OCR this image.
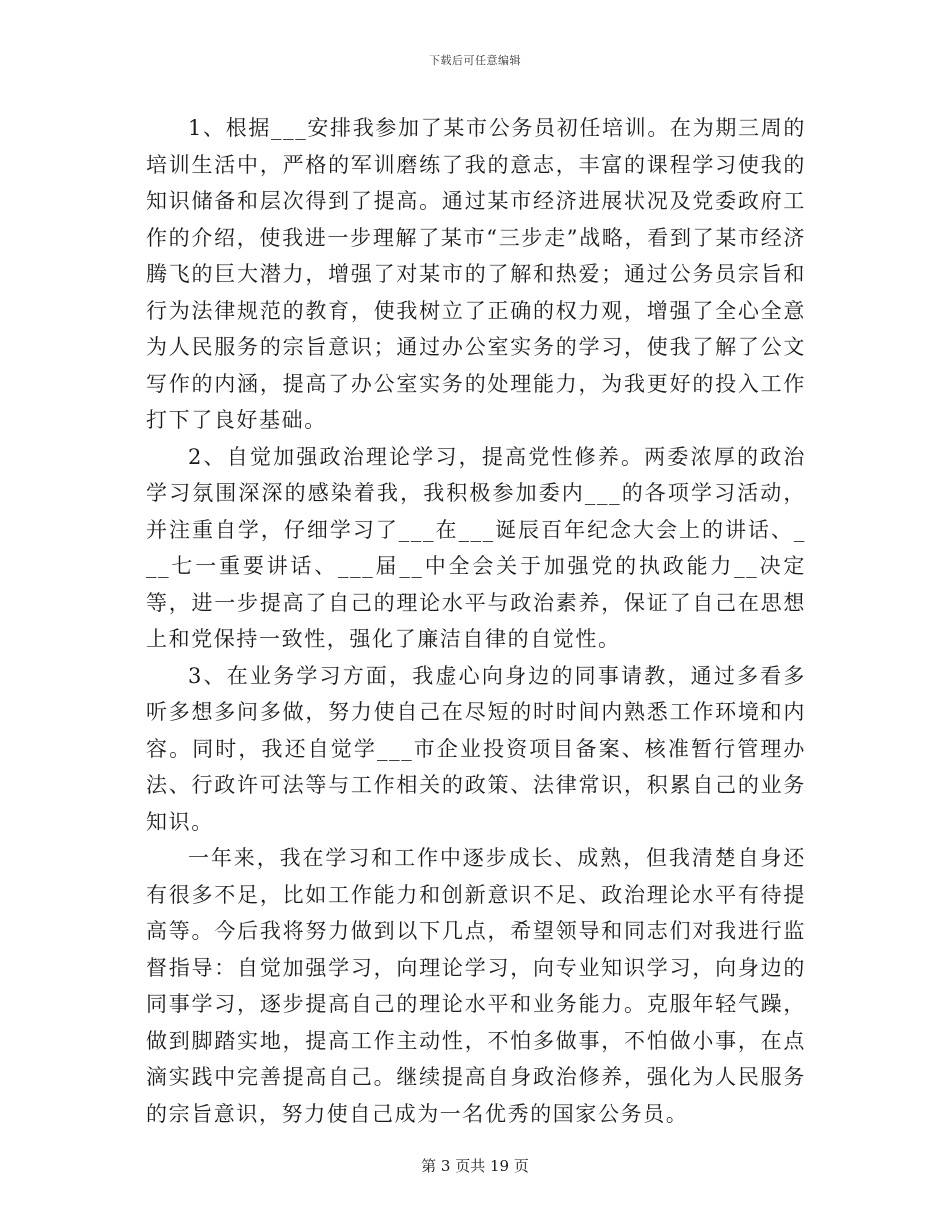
下载后可任意编辑

1、根据___安排我参加了某市公务员初任培训。在为期三周的培训生活中，严格的军训磨练了我的意志，丰富的课程学习使我的知识储备和层次得到了提高。通过某市经济进展状况及党委政府工作的介绍，使我进一步理解了某市“三步走”战略，看到了某市经济腾飞的巨大潜力，增强了对某市的了解和热爱；通过公务员宗旨和行为法律规范的教育，使我树立了正确的权力观，增强了全心全意为人民服务的宗旨意识；通过办公室实务的学习，使我了解了公文写作的内涵，提高了办公室实务的处理能力，为我更好的投入工作打下了良好基础。

2、自觉加强政治理论学习，提高党性修养。两委浓厚的政治学习氛围深深的感染着我，我积极参加委内___的各项学习活动，并注重自学，仔细学习了___在___诞辰百年纪念大会上的讲话、___七一重要讲话、___届__中全会关于加强党的执政能力__决定等，进一步提高了自己的理论水平与政治素养，保证了自己在思想上和党保持一致性，强化了廉洁自律的自觉性。

3、在业务学习方面，我虚心向身边的同事请教，通过多看多听多想多问多做，努力使自己在尽短的时时间内熟悉工作环境和内容。同时，我还自觉学___市企业投资项目备案、核准暂行管理办法、行政许可法等与工作相关的政策、法律常识，积累自己的业务知识。

一年来，我在学习和工作中逐步成长、成熟，但我清楚自身还有很多不足，比如工作能力和创新意识不足、政治理论水平有待提高等。今后我将努力做到以下几点，希望领导和同志们对我进行监督指导：自觉加强学习，向理论学习，向专业知识学习，向身边的同事学习，逐步提高自己的理论水平和业务能力。克服年轻气躁，做到脚踏实地，提高工作主动性，不怕多做事，不怕做小事，在点滴实践中完善提高自己。继续提高自身政治修养，强化为人民服务的宗旨意识，努力使自己成为一名优秀的国家公务员。

第 3 页共 19 页
